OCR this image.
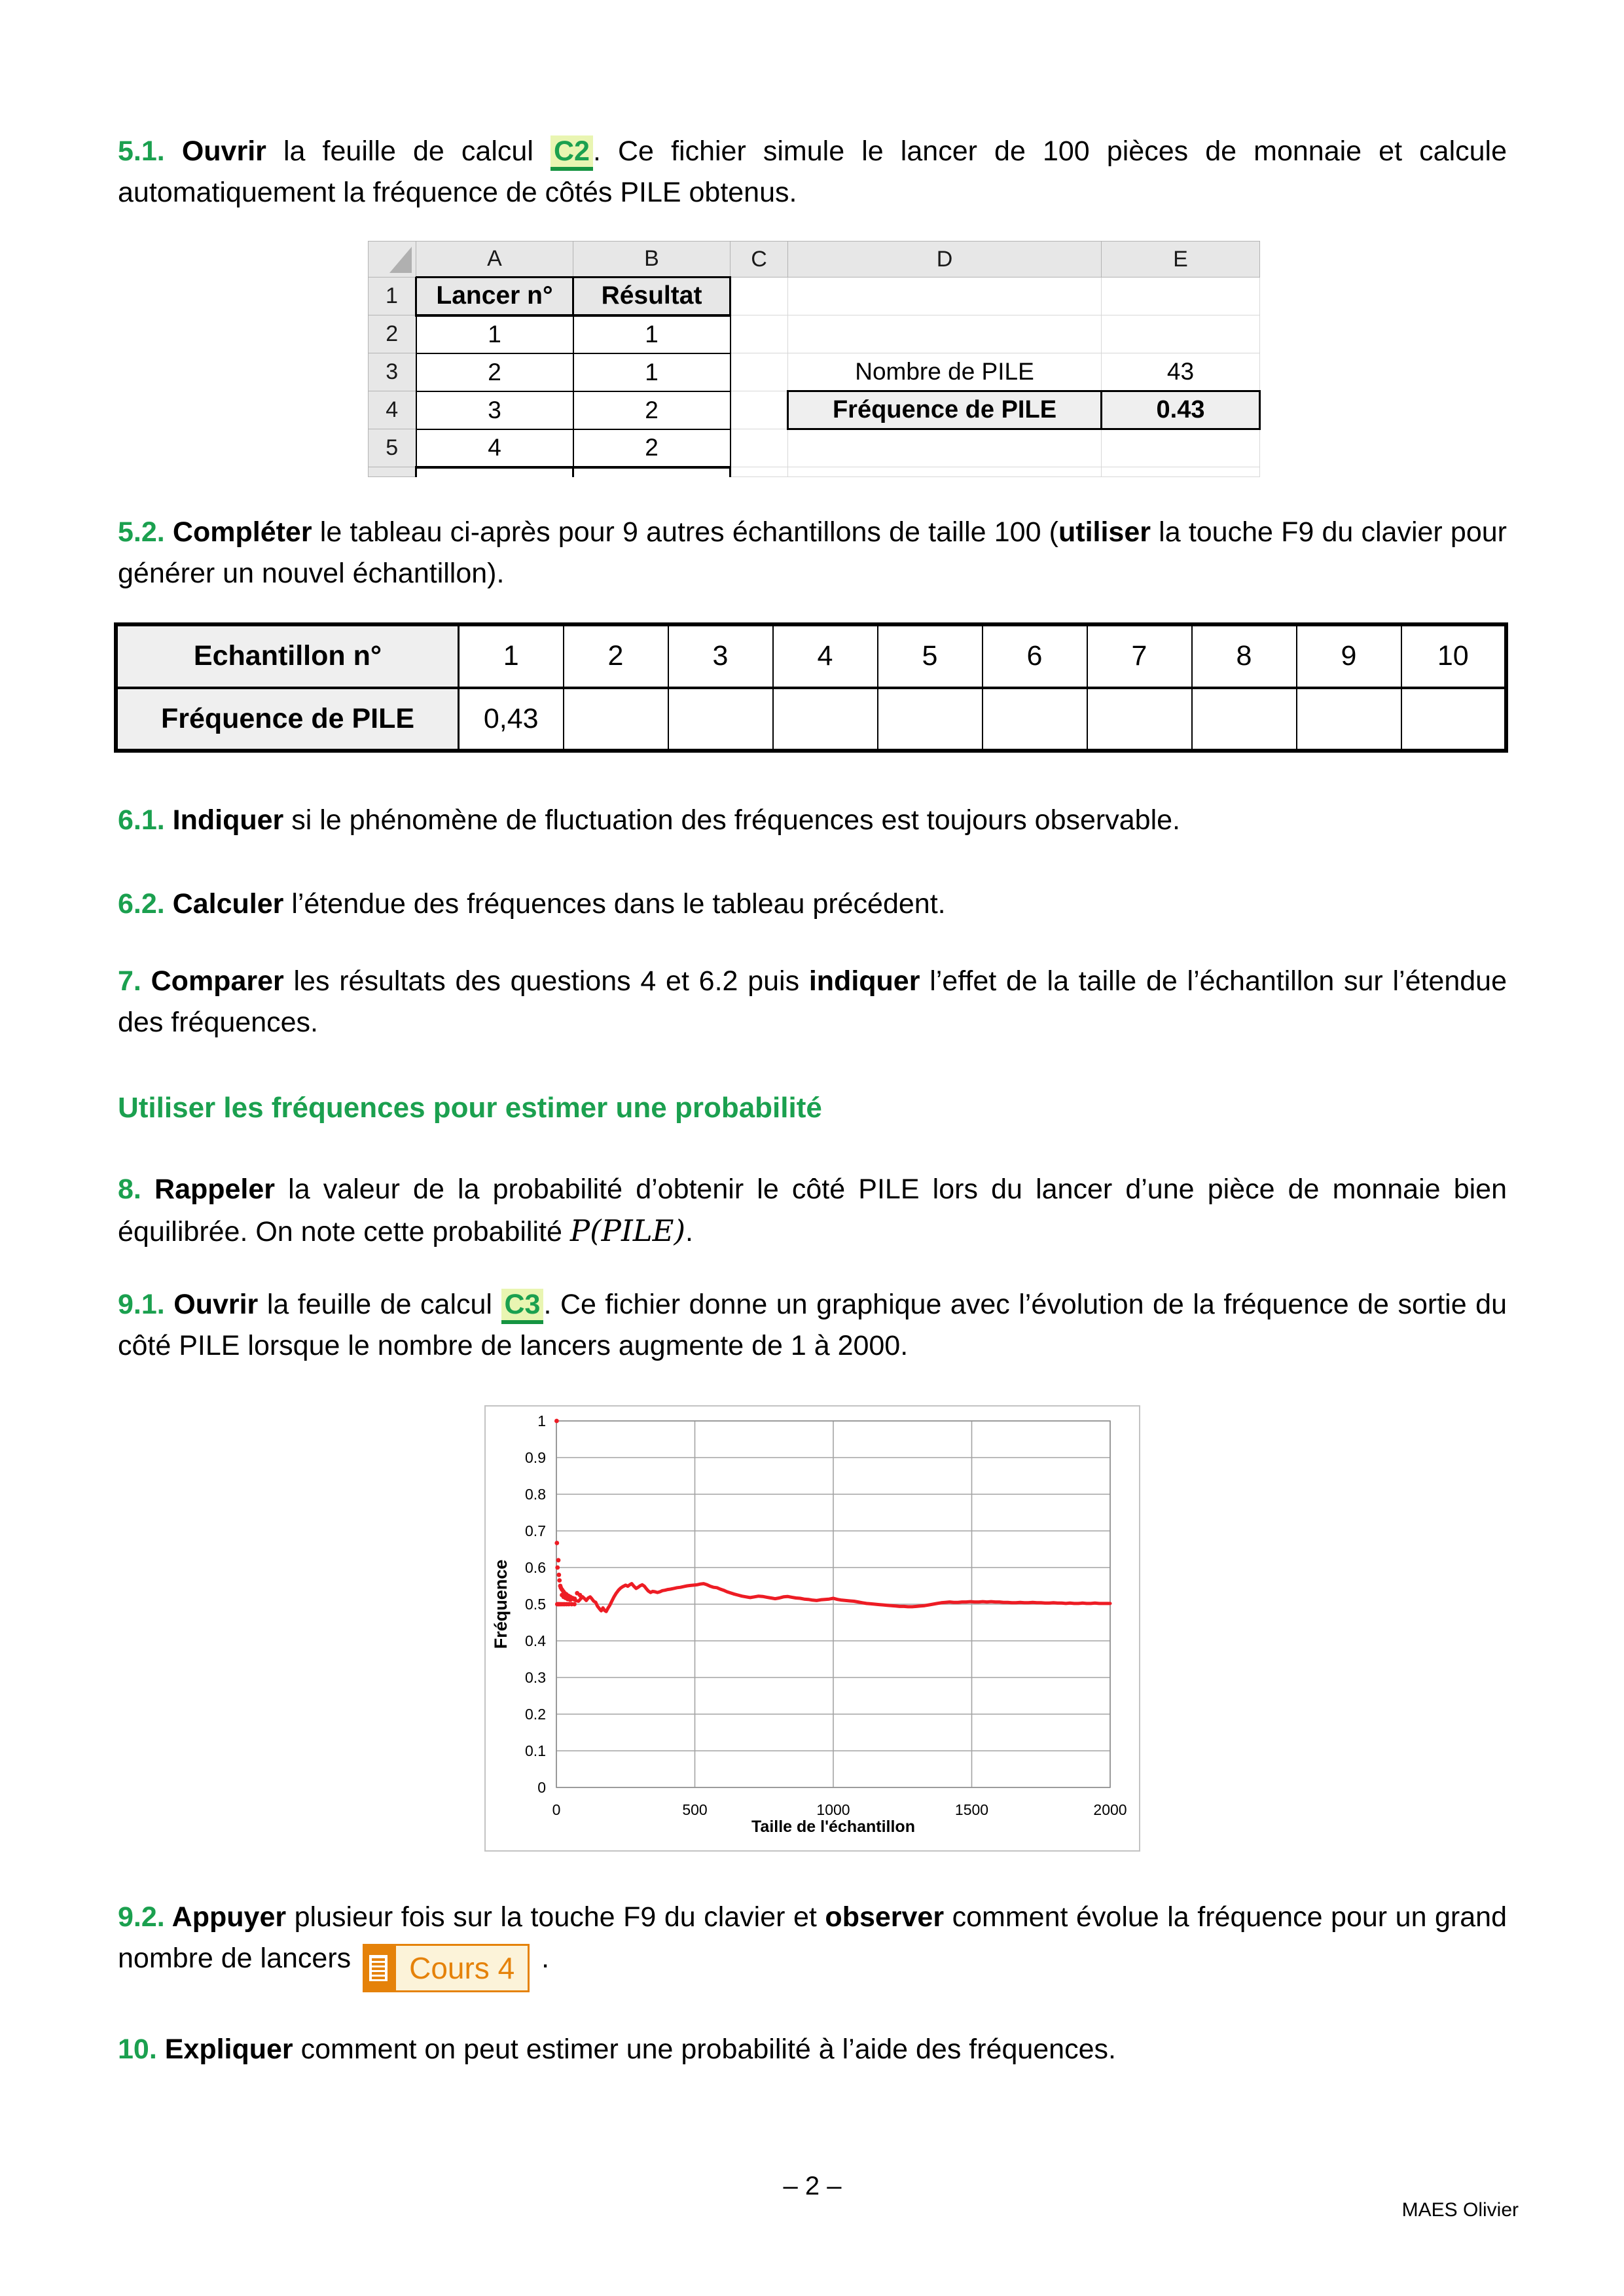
5.1. Ouvrir la feuille de calcul C2 . Ce fichier simule le lancer de 100 pièces de monnaie et calcule automatiquement la fréquence de côtés PILE obtenus.

	A	B	C	D	E
1	Lancer n°	Résultat			
2	1	1			
3	2	1		Nombre de PILE	43
4	3	2		Fréquence de PILE	0.43
5	4	2			

5.2. Compléter le tableau ci-après pour 9 autres échantillons de taille 100 (utiliser la touche F9 du clavier pour générer un nouvel échantillon).

Echantillon n°	1	2	3	4	5	6	7	8	9	10
Fréquence de PILE	0,43									

6.1. Indiquer si le phénomène de fluctuation des fréquences est toujours observable.

6.2. Calculer l’étendue des fréquences dans le tableau précédent.

7. Comparer les résultats des questions 4 et 6.2 puis indiquer l’effet de la taille de l’échantillon sur l’étendue des fréquences.

Utiliser les fréquences pour estimer une probabilité

8. Rappeler la valeur de la probabilité d’obtenir le côté PILE lors du lancer d’une pièce de monnaie bien équilibrée. On note cette probabilité P(PILE).

9.1. Ouvrir la feuille de calcul C3 . Ce fichier donne un graphique avec l’évolution de la fréquence de sortie du côté PILE lorsque le nombre de lancers augmente de 1 à 2000.

Fréquence
Taille de l'échantillon
0
0.1
0.2
0.3
0.4
0.5
0.6
0.7
0.8
0.9
1
0	500	1000	1500	2000

9.2. Appuyer plusieur fois sur la touche F9 du clavier et observer comment évolue la fréquence pour un grand nombre de lancers	Cours 4 .

10. Expliquer comment on peut estimer une probabilité à l’aide des fréquences.

– 2 –
MAES Olivier
